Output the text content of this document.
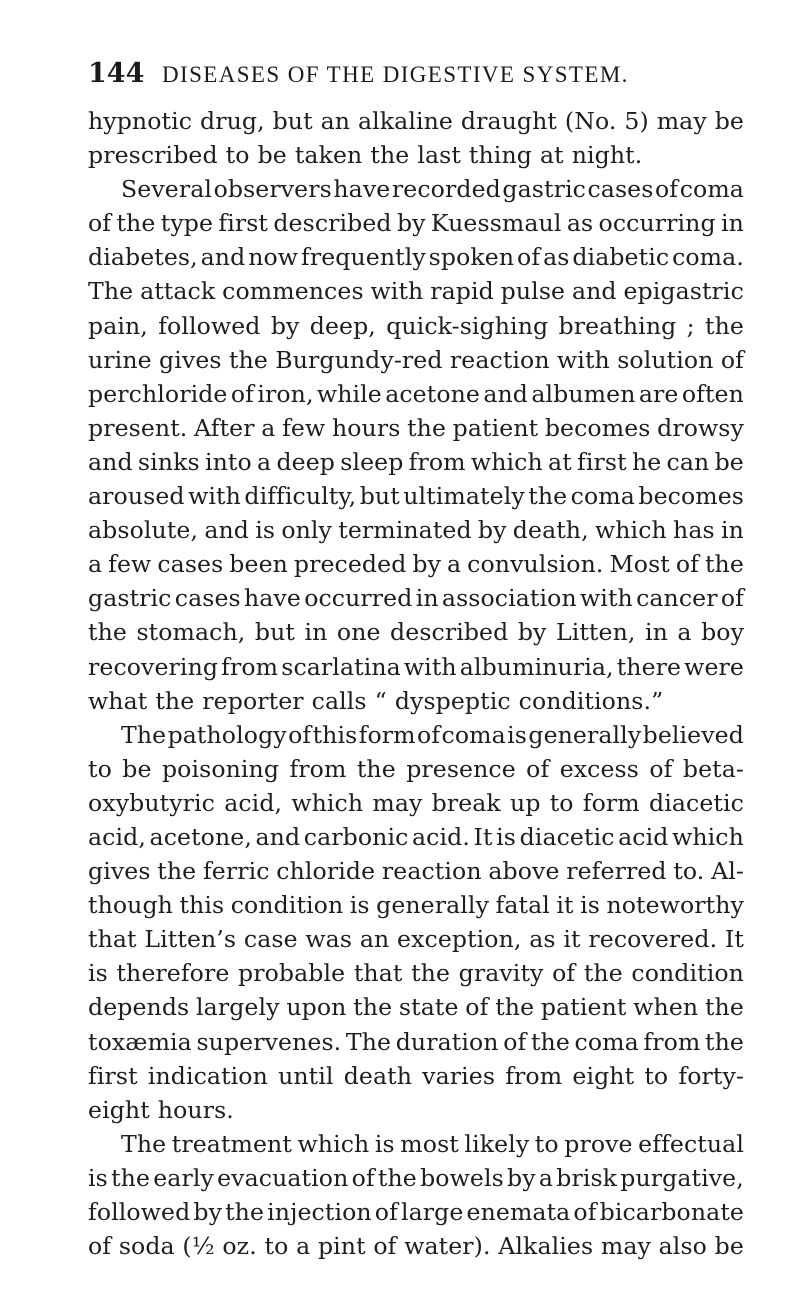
144 DISEASES OF THE DIGESTIVE SYSTEM.
hypnotic drug, but an alkaline draught (No. 5) may be
prescribed to be taken the last thing at night.
Several observers have recorded gastric cases of coma
of the type first described by Kuessmaul as occurring in
diabetes, and now frequently spoken of as diabetic coma.
The attack commences with rapid pulse and epigastric
pain, followed by deep, quick-sighing breathing ; the
urine gives the Burgundy-red reaction with solution of
perchloride of iron, while acetone and albumen are often
present. After a few hours the patient becomes drowsy
and sinks into a deep sleep from which at first he can be
aroused with difficulty, but ultimately the coma becomes
absolute, and is only terminated by death, which has in
a few cases been preceded by a convulsion. Most of the
gastric cases have occurred in association with cancer of
the stomach, but in one described by Litten, in a boy
recovering from scarlatina with albuminuria, there were
what the reporter calls “ dyspeptic conditions.”
The pathology of this form of coma is generally believed
to be poisoning from the presence of excess of beta-
oxybutyric acid, which may break up to form diacetic
acid, acetone, and carbonic acid. It is diacetic acid which
gives the ferric chloride reaction above referred to. Al-
though this condition is generally fatal it is noteworthy
that Litten’s case was an exception, as it recovered. It
is therefore probable that the gravity of the condition
depends largely upon the state of the patient when the
toxæmia supervenes. The duration of the coma from the
first indication until death varies from eight to forty-
eight hours.
The treatment which is most likely to prove effectual
is the early evacuation of the bowels by a brisk purgative,
followed by the injection of large enemata of bicarbonate
of soda (½ oz. to a pint of water). Alkalies may also be
